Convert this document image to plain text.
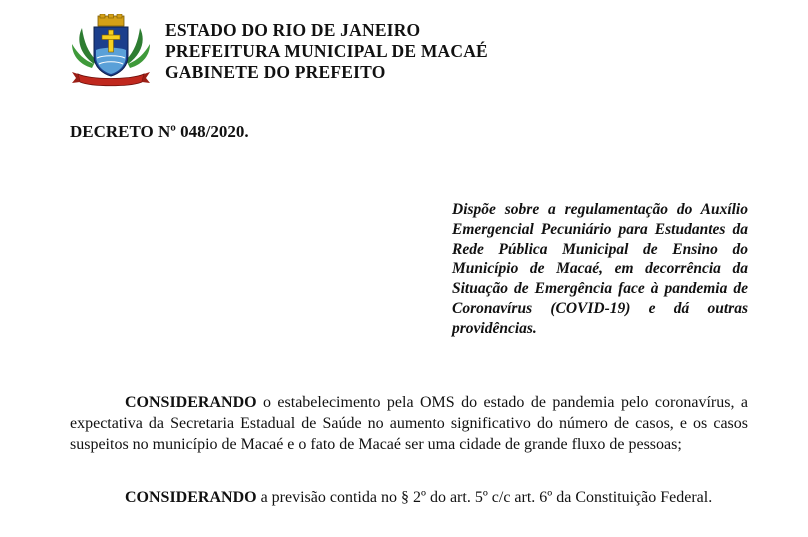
ESTADO DO RIO DE JANEIRO
PREFEITURA MUNICIPAL DE MACAÉ
GABINETE DO PREFEITO
DECRETO Nº 048/2020.
Dispõe sobre a regulamentação do Auxílio Emergencial Pecuniário para Estudantes da Rede Pública Municipal de Ensino do Município de Macaé, em decorrência da Situação de Emergência face à pandemia de Coronavírus (COVID-19) e dá outras providências.
CONSIDERANDO o estabelecimento pela OMS do estado de pandemia pelo coronavírus, a expectativa da Secretaria Estadual de Saúde no aumento significativo do número de casos, e os casos suspeitos no município de Macaé e o fato de Macaé ser uma cidade de grande fluxo de pessoas;
CONSIDERANDO a previsão contida no § 2º do art. 5º c/c art. 6º da Constituição Federal.
